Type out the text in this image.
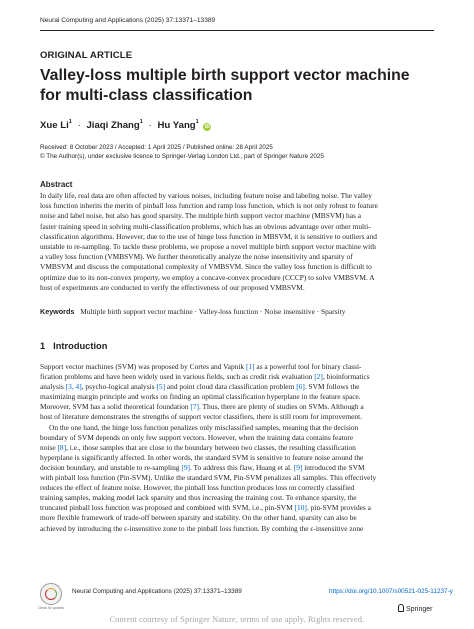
Neural Computing and Applications (2025) 37:13371–13389
ORIGINAL ARTICLE
Valley-loss multiple birth support vector machine
for multi-class classification
Xue $Li^1$ · Jiaqi Zhang$^1$ · Hu Yang$^1$ iD
Received: 8 October 2023 / Accepted: 1 April 2025 / Published online: 28 April 2025
© The Author(s), under exclusive licence to Springer-Verlag London Ltd., part of Springer Nature 2025
Abstract
In daily life, real data are often affected by various noises, including feature noise and labeling noise. The valley
loss function inherits the merits of pinball loss function and ramp loss function, which is not only robust to feature
noise and label noise, but also has good sparsity. The multiple birth support vector machine (MBSVM) has a
faster training speed in solving multi-classification problems, which has an obvious advantage over other multi-
classification algorithms. However, due to the use of hinge loss function in MBSVM, it is sensitive to outliers and
unstable to re-sampling. To tackle these problems, we propose a novel multiple birth support vector machine with
a valley loss function (VMBSVM). We further theoretically analyze the noise insensitivity and sparsity of
VMBSVM and discuss the computational complexity of VMBSVM. Since the valley loss function is difficult to
optimize due to its non-convex property, we employ a concave-convex procedure (CCCP) to solve VMBSVM. A
host of experiments are conducted to verify the effectiveness of our proposed VMBSVM.
Keywords Multiple birth support vector machine · Valley-loss function · Noise insensitive · Sparsity
1 Introduction
Support vector machines (SVM) was proposed by Cortes and Vapnik [1] as a powerful tool for binary classi-
fication problems and have been widely used in various fields, such as credit risk evaluation [2], bioinformatics
analysis [3, 4], psycho-logical analysis [5] and point cloud data classification problem [6]. SVM follows the
maximizing margin principle and works on finding an optimal classification hyperplane in the feature space.
Moreover, SVM has a solid theoretical foundation [7]. Thus, there are plenty of studies on SVMs. Although a
host of literature demonstrates the strengths of support vector classifiers, there is still room for improvement.
On the one hand, the hinge loss function penalizes only misclassified samples, meaning that the decision
boundary of SVM depends on only few support vectors. However, when the training data contains feature
noise [8], i.e., those samples that are close to the boundary between two classes, the resulting classification
hyperplane is significantly affected. In other words, the standard SVM is sensitive to feature noise around the
decision boundary, and unstable to re-sampling [9]. To address this flaw, Huang et al. [9] introduced the SVM
with pinball loss function (Pin-SVM). Unlike the standard SVM, Pin-SVM penalizes all samples. This effectively
reduces the effect of feature noise. However, the pinball loss function produces loss on correctly classified
training samples, making model lack sparsity and thus increasing the training cost. To enhance sparsity, the
truncated pinball loss function was proposed and combined with SVM, i.e., pin-SVM [10]. pin-SVM provides a
more flexible framework of trade-off between sparsity and stability. On the other hand, sparsity can also be
achieved by introducing the ϵ-insensitive zone to the pinball loss function. By combing the ϵ-insensitive zone
Check for updates
Neural Computing and Applications (2025) 37:13371–13389	https://doi.org/10.1007/s00521-025-11237-y
Springer
Content courtesy of Springer Nature, terms of use apply. Rights reserved.
